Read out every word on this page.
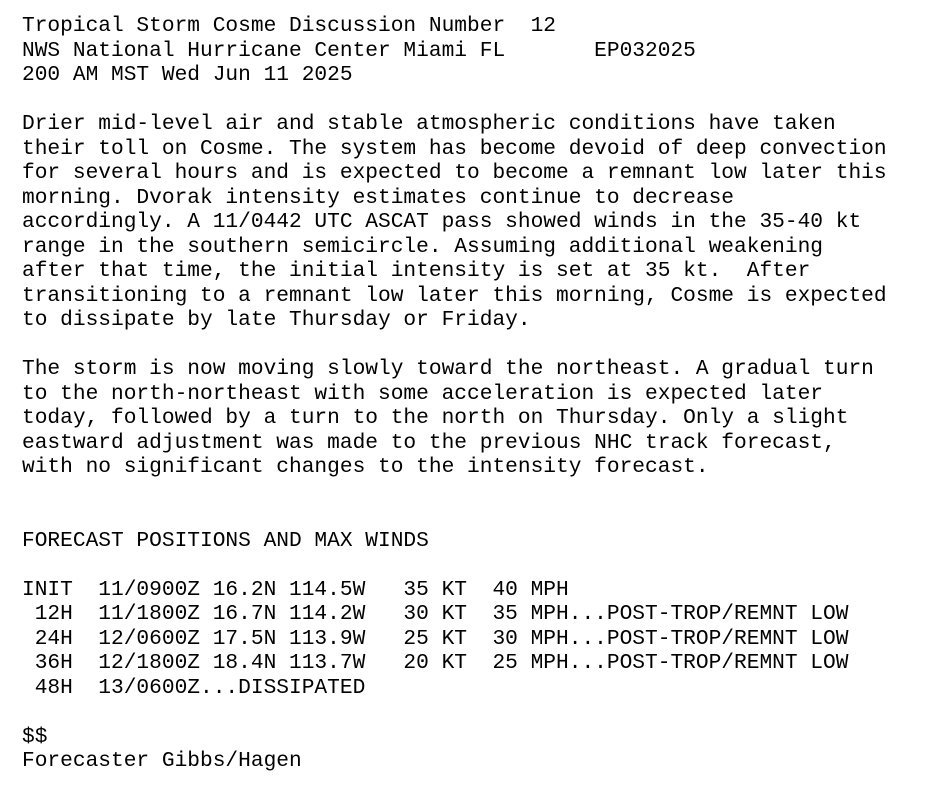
Tropical Storm Cosme Discussion Number  12
NWS National Hurricane Center Miami FL       EP032025
200 AM MST Wed Jun 11 2025
Drier mid-level air and stable atmospheric conditions have taken
their toll on Cosme. The system has become devoid of deep convection
for several hours and is expected to become a remnant low later this
morning. Dvorak intensity estimates continue to decrease
accordingly. A 11/0442 UTC ASCAT pass showed winds in the 35-40 kt
range in the southern semicircle. Assuming additional weakening
after that time, the initial intensity is set at 35 kt.  After
transitioning to a remnant low later this morning, Cosme is expected
to dissipate by late Thursday or Friday.
The storm is now moving slowly toward the northeast. A gradual turn
to the north-northeast with some acceleration is expected later
today, followed by a turn to the north on Thursday. Only a slight
eastward adjustment was made to the previous NHC track forecast,
with no significant changes to the intensity forecast.
FORECAST POSITIONS AND MAX WINDS
INIT  11/0900Z 16.2N 114.5W   35 KT  40 MPH
12H  11/1800Z 16.7N 114.2W   30 KT  35 MPH...POST-TROP/REMNT LOW
24H  12/0600Z 17.5N 113.9W   25 KT  30 MPH...POST-TROP/REMNT LOW
36H  12/1800Z 18.4N 113.7W   20 KT  25 MPH...POST-TROP/REMNT LOW
48H  13/0600Z...DISSIPATED
$$
Forecaster Gibbs/Hagen
